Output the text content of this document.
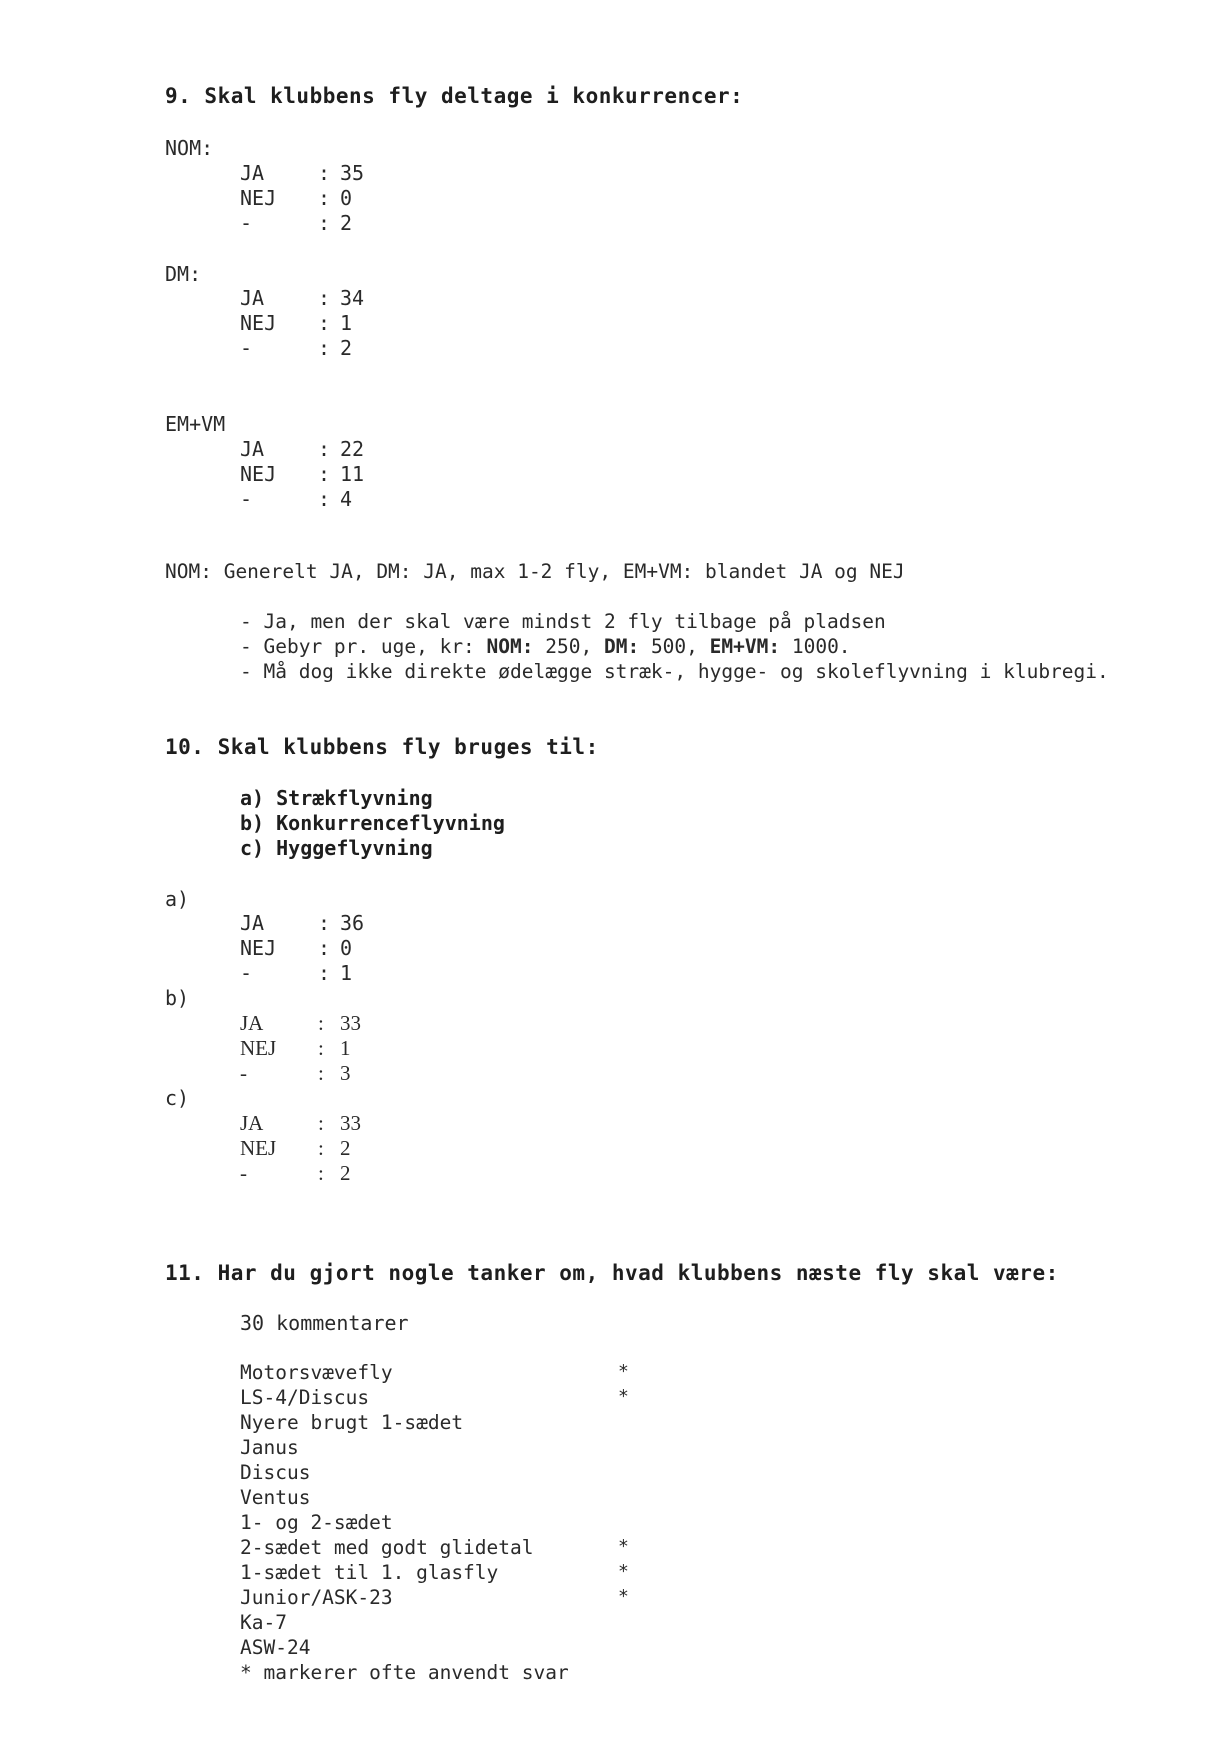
9. Skal klubbens fly deltage i konkurrencer:
NOM:
JA	: 35
NEJ : 0
-	: 2
DM:
JA	: 34
NEJ : 1
-	: 2
EM+VM
JA	: 22
NEJ : 11
-	: 4
NOM: Generelt JA, DM: JA, max 1-2 fly, EM+VM: blandet JA og NEJ
- Ja, men der skal være mindst 2 fly tilbage på pladsen
- Gebyr pr. uge, kr: NOM: 250, DM: 500, EM+VM: 1000.
- Må dog ikke direkte ødelægge stræk-, hygge- og skoleflyvning i klubregi.
10. Skal klubbens fly bruges til:
a) Strækflyvning
b) Konkurrenceflyvning
c) Hyggeflyvning
a)
JA	: 36
NEJ : 0
-	: 1
b)
JA	: 33
NEJ : 1
-	: 3
c)
JA	: 33
NEJ : 2
-	: 2
11. Har du gjort nogle tanker om, hvad klubbens næste fly skal være:
30 kommentarer
Motorsvævefly	*
LS-4/Discus	*
Nyere brugt 1-sædet
Janus
Discus
Ventus
1- og 2-sædet
2-sædet med godt glidetal	*
1-sædet til 1. glasfly	*
Junior/ASK-23	*
Ka-7
ASW-24
* markerer ofte anvendt svar
